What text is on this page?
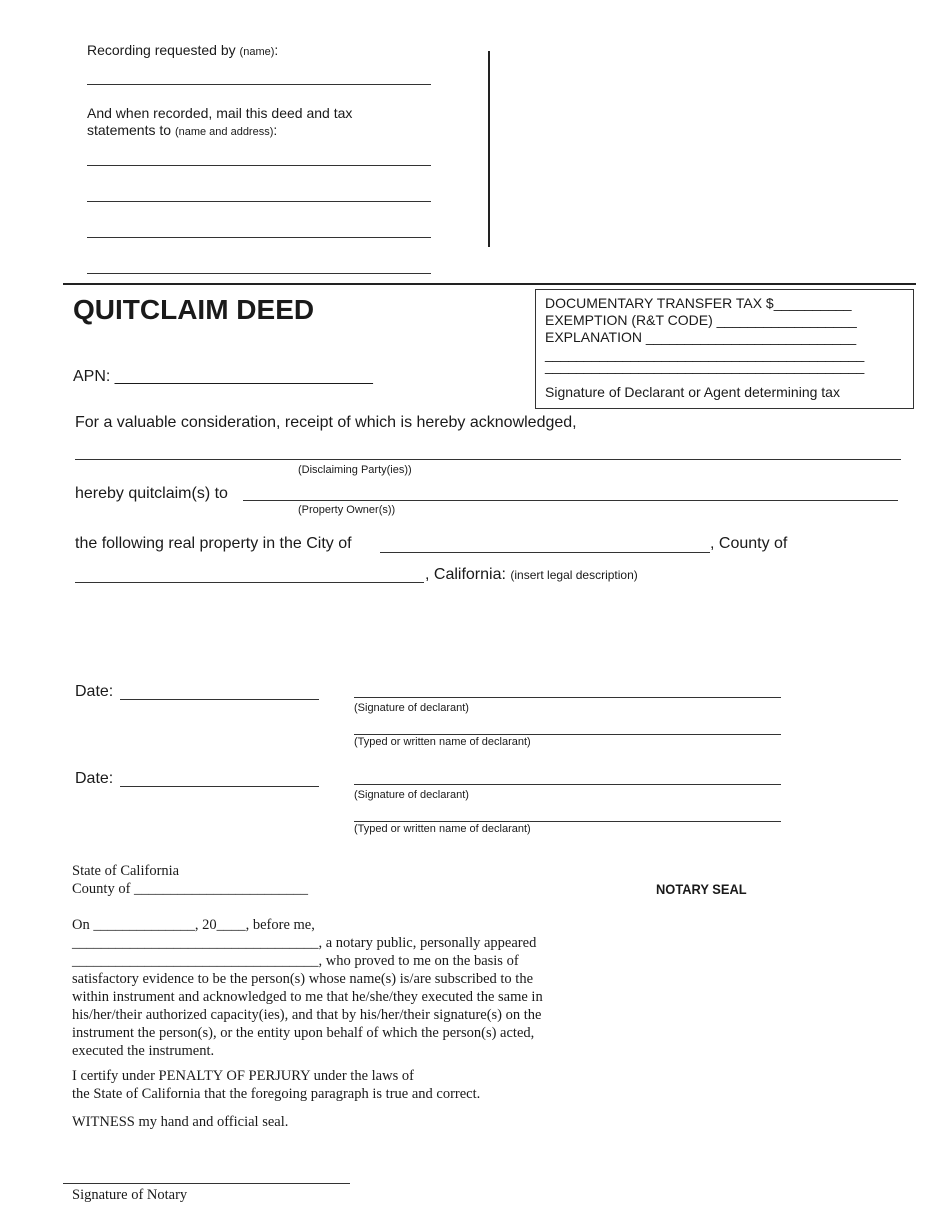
Recording requested by (name):
And when recorded, mail this deed and tax
statements to (name and address):
QUITCLAIM DEED	DOCUMENTARY TRANSFER TAX $__________
EXEMPTION (R&T CODE) __________________
EXPLANATION ___________________________
_________________________________________
_________________________________________
Signature of Declarant or Agent determining tax
APN: _____________________________
For a valuable consideration, receipt of which is hereby acknowledged,
(Disclaiming Party(ies))
hereby quitclaim(s) to
(Property Owner(s))
the following real property in the City of	, County of
, California: (insert legal description)
Date:
(Signature of declarant)
(Typed or written name of declarant)
Date:
(Signature of declarant)
(Typed or written name of declarant)
State of California
County of ________________________	NOTARY SEAL
On ______________, 20____, before me,
__________________________________, a notary public, personally appeared
__________________________________, who proved to me on the basis of
satisfactory evidence to be the person(s) whose name(s) is/are subscribed to the
within instrument and acknowledged to me that he/she/they executed the same in
his/her/their authorized capacity(ies), and that by his/her/their signature(s) on the
instrument the person(s), or the entity upon behalf of which the person(s) acted,
executed the instrument.
I certify under PENALTY OF PERJURY under the laws of
the State of California that the foregoing paragraph is true and correct.
WITNESS my hand and official seal.
Signature of Notary
